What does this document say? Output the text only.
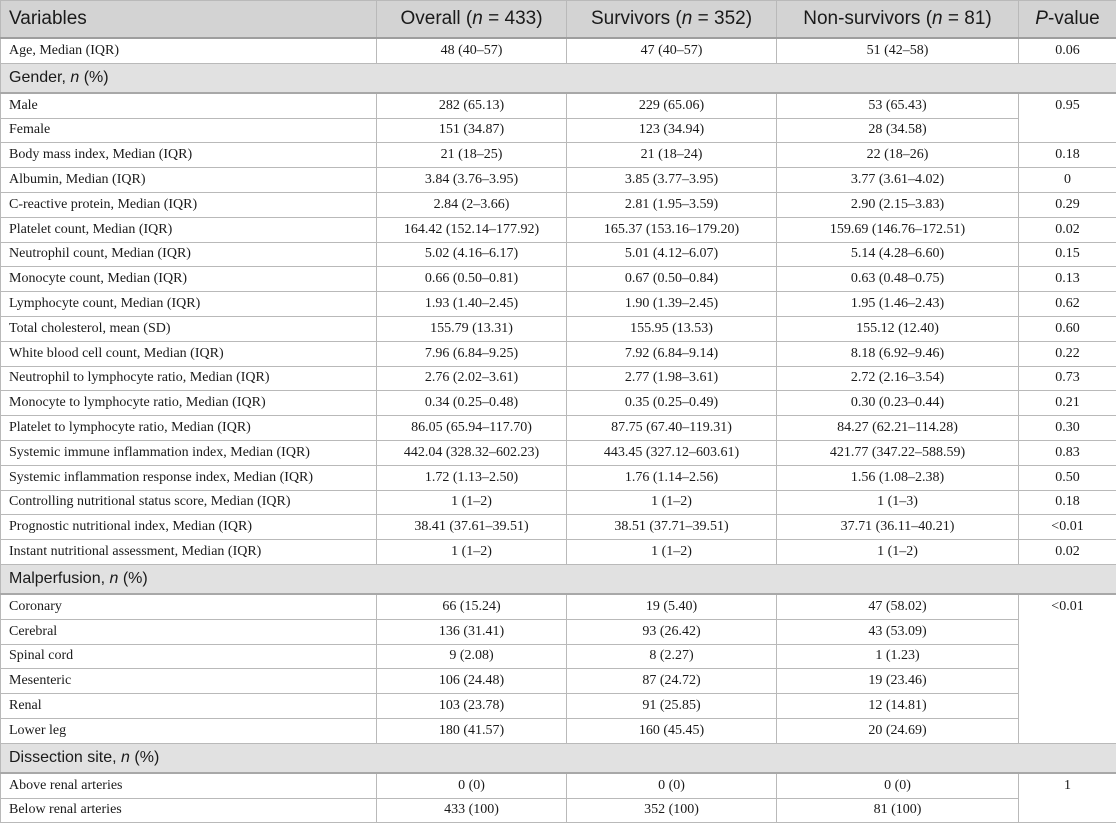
Variables	Overall (n = 433)	Survivors (n = 352)	Non-survivors (n = 81)	P-value
Age, Median (IQR)	48 (40–57)	47 (40–57)	51 (42–58)	0.06
Gender, n (%)				
Male	282 (65.13)	229 (65.06)	53 (65.43)	0.95
Female	151 (34.87)	123 (34.94)	28 (34.58)	
Body mass index, Median (IQR)	21 (18–25)	21 (18–24)	22 (18–26)	0.18
Albumin, Median (IQR)	3.84 (3.76–3.95)	3.85 (3.77–3.95)	3.77 (3.61–4.02)	0
C-reactive protein, Median (IQR)	2.84 (2–3.66)	2.81 (1.95–3.59)	2.90 (2.15–3.83)	0.29
Platelet count, Median (IQR)	164.42 (152.14–177.92)	165.37 (153.16–179.20)	159.69 (146.76–172.51)	0.02
Neutrophil count, Median (IQR)	5.02 (4.16–6.17)	5.01 (4.12–6.07)	5.14 (4.28–6.60)	0.15
Monocyte count, Median (IQR)	0.66 (0.50–0.81)	0.67 (0.50–0.84)	0.63 (0.48–0.75)	0.13
Lymphocyte count, Median (IQR)	1.93 (1.40–2.45)	1.90 (1.39–2.45)	1.95 (1.46–2.43)	0.62
Total cholesterol, mean (SD)	155.79 (13.31)	155.95 (13.53)	155.12 (12.40)	0.60
White blood cell count, Median (IQR)	7.96 (6.84–9.25)	7.92 (6.84–9.14)	8.18 (6.92–9.46)	0.22
Neutrophil to lymphocyte ratio, Median (IQR)	2.76 (2.02–3.61)	2.77 (1.98–3.61)	2.72 (2.16–3.54)	0.73
Monocyte to lymphocyte ratio, Median (IQR)	0.34 (0.25–0.48)	0.35 (0.25–0.49)	0.30 (0.23–0.44)	0.21
Platelet to lymphocyte ratio, Median (IQR)	86.05 (65.94–117.70)	87.75 (67.40–119.31)	84.27 (62.21–114.28)	0.30
Systemic immune inflammation index, Median (IQR)	442.04 (328.32–602.23)	443.45 (327.12–603.61)	421.77 (347.22–588.59)	0.83
Systemic inflammation response index, Median (IQR)	1.72 (1.13–2.50)	1.76 (1.14–2.56)	1.56 (1.08–2.38)	0.50
Controlling nutritional status score, Median (IQR)	1 (1–2)	1 (1–2)	1 (1–3)	0.18
Prognostic nutritional index, Median (IQR)	38.41 (37.61–39.51)	38.51 (37.71–39.51)	37.71 (36.11–40.21)	<0.01
Instant nutritional assessment, Median (IQR)	1 (1–2)	1 (1–2)	1 (1–2)	0.02
Malperfusion, n (%)				
Coronary	66 (15.24)	19 (5.40)	47 (58.02)	<0.01
Cerebral	136 (31.41)	93 (26.42)	43 (53.09)	
Spinal cord	9 (2.08)	8 (2.27)	1 (1.23)	
Mesenteric	106 (24.48)	87 (24.72)	19 (23.46)	
Renal	103 (23.78)	91 (25.85)	12 (14.81)	
Lower leg	180 (41.57)	160 (45.45)	20 (24.69)	
Dissection site, n (%)				
Above renal arteries	0 (0)	0 (0)	0 (0)	1
Below renal arteries	433 (100)	352 (100)	81 (100)	
